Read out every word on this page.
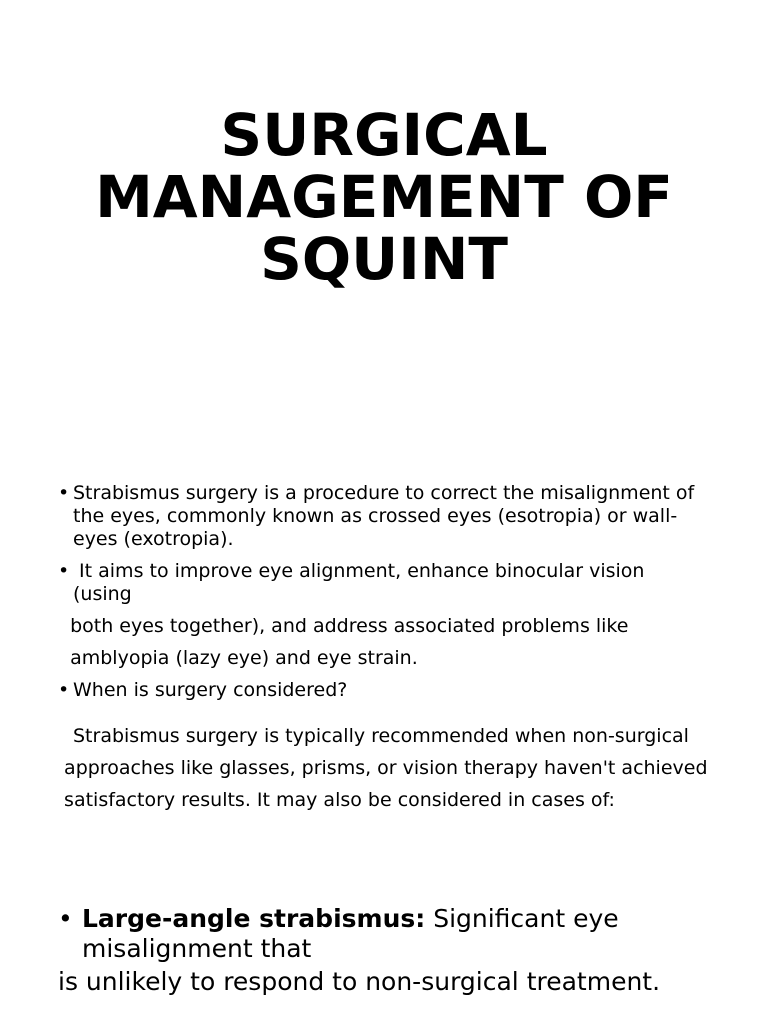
SURGICAL
MANAGEMENT OF
SQUINT
• Strabismus surgery is a procedure to correct the misalignment of the eyes, commonly known as crossed eyes (esotropia) or wall-eyes (exotropia).
•  It aims to improve eye alignment, enhance binocular vision (using
both eyes together), and address associated problems like
amblyopia (lazy eye) and eye strain.
• When is surgery considered?
Strabismus surgery is typically recommended when non-surgical
approaches like glasses, prisms, or vision therapy haven't achieved
satisfactory results. It may also be considered in cases of:
• Large-angle strabismus: Significant eye misalignment that
is unlikely to respond to non-surgical treatment.
